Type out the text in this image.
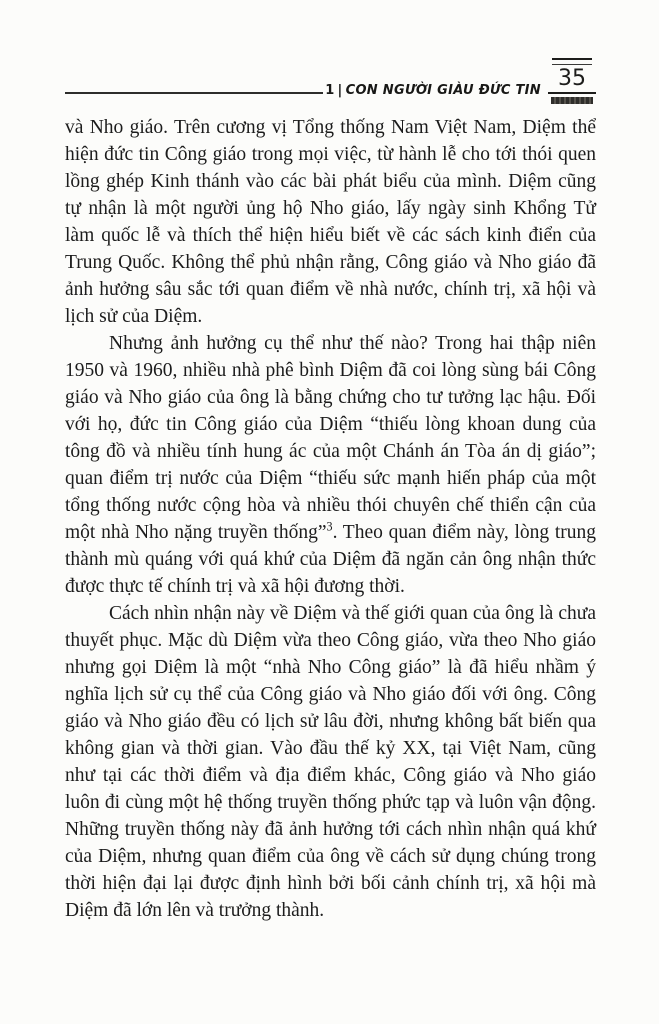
1 | CON NGƯỜI GIÀU ĐỨC TIN 35

và Nho giáo. Trên cương vị Tổng thống Nam Việt Nam, Diệm thể hiện đức tin Công giáo trong mọi việc, từ hành lễ cho tới thói quen lồng ghép Kinh thánh vào các bài phát biểu của mình. Diệm cũng tự nhận là một người ủng hộ Nho giáo, lấy ngày sinh Khổng Tử làm quốc lễ và thích thể hiện hiểu biết về các sách kinh điển của Trung Quốc. Không thể phủ nhận rằng, Công giáo và Nho giáo đã ảnh hưởng sâu sắc tới quan điểm về nhà nước, chính trị, xã hội và lịch sử của Diệm.

Nhưng ảnh hưởng cụ thể như thế nào? Trong hai thập niên 1950 và 1960, nhiều nhà phê bình Diệm đã coi lòng sùng bái Công giáo và Nho giáo của ông là bằng chứng cho tư tưởng lạc hậu. Đối với họ, đức tin Công giáo của Diệm “thiếu lòng khoan dung của tông đồ và nhiều tính hung ác của một Chánh án Tòa án dị giáo”; quan điểm trị nước của Diệm “thiếu sức mạnh hiến pháp của một tổng thống nước cộng hòa và nhiều thói chuyên chế thiển cận của một nhà Nho nặng truyền thống”$^3$. Theo quan điểm này, lòng trung thành mù quáng với quá khứ của Diệm đã ngăn cản ông nhận thức được thực tế chính trị và xã hội đương thời.

Cách nhìn nhận này về Diệm và thế giới quan của ông là chưa thuyết phục. Mặc dù Diệm vừa theo Công giáo, vừa theo Nho giáo nhưng gọi Diệm là một “nhà Nho Công giáo” là đã hiểu nhầm ý nghĩa lịch sử cụ thể của Công giáo và Nho giáo đối với ông. Công giáo và Nho giáo đều có lịch sử lâu đời, nhưng không bất biến qua không gian và thời gian. Vào đầu thế kỷ XX, tại Việt Nam, cũng như tại các thời điểm và địa điểm khác, Công giáo và Nho giáo luôn đi cùng một hệ thống truyền thống phức tạp và luôn vận động. Những truyền thống này đã ảnh hưởng tới cách nhìn nhận quá khứ của Diệm, nhưng quan điểm của ông về cách sử dụng chúng trong thời hiện đại lại được định hình bởi bối cảnh chính trị, xã hội mà Diệm đã lớn lên và trưởng thành.
